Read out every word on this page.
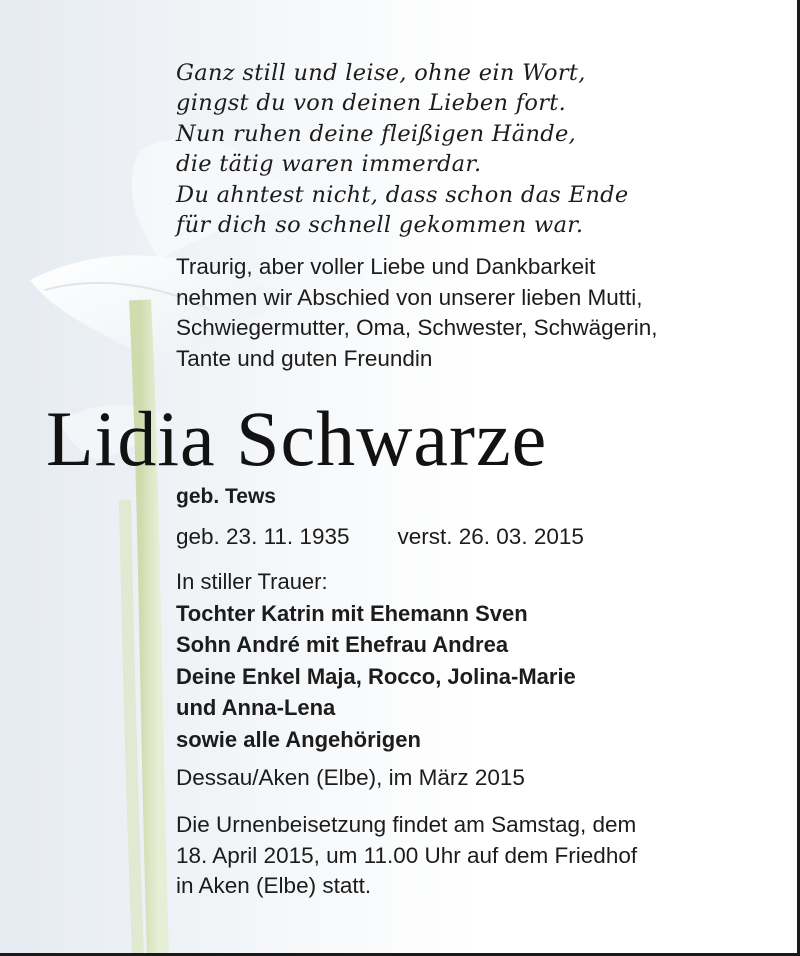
Ganz still und leise, ohne ein Wort,
gingst du von deinen Lieben fort.
Nun ruhen deine fleißigen Hände,
die tätig waren immerdar.
Du ahntest nicht, dass schon das Ende
für dich so schnell gekommen war.
Traurig, aber voller Liebe und Dankbarkeit
nehmen wir Abschied von unserer lieben Mutti,
Schwiegermutter, Oma, Schwester, Schwägerin,
Tante und guten Freundin
Lidia Schwarze
geb. Tews
geb. 23. 11. 1935 verst. 26. 03. 2015
In stiller Trauer:
Tochter Katrin mit Ehemann Sven
Sohn André mit Ehefrau Andrea
Deine Enkel Maja, Rocco, Jolina-Marie
und Anna-Lena
sowie alle Angehörigen
Dessau/Aken (Elbe), im März 2015
Die Urnenbeisetzung findet am Samstag, dem
18. April 2015, um 11.00 Uhr auf dem Friedhof
in Aken (Elbe) statt.
